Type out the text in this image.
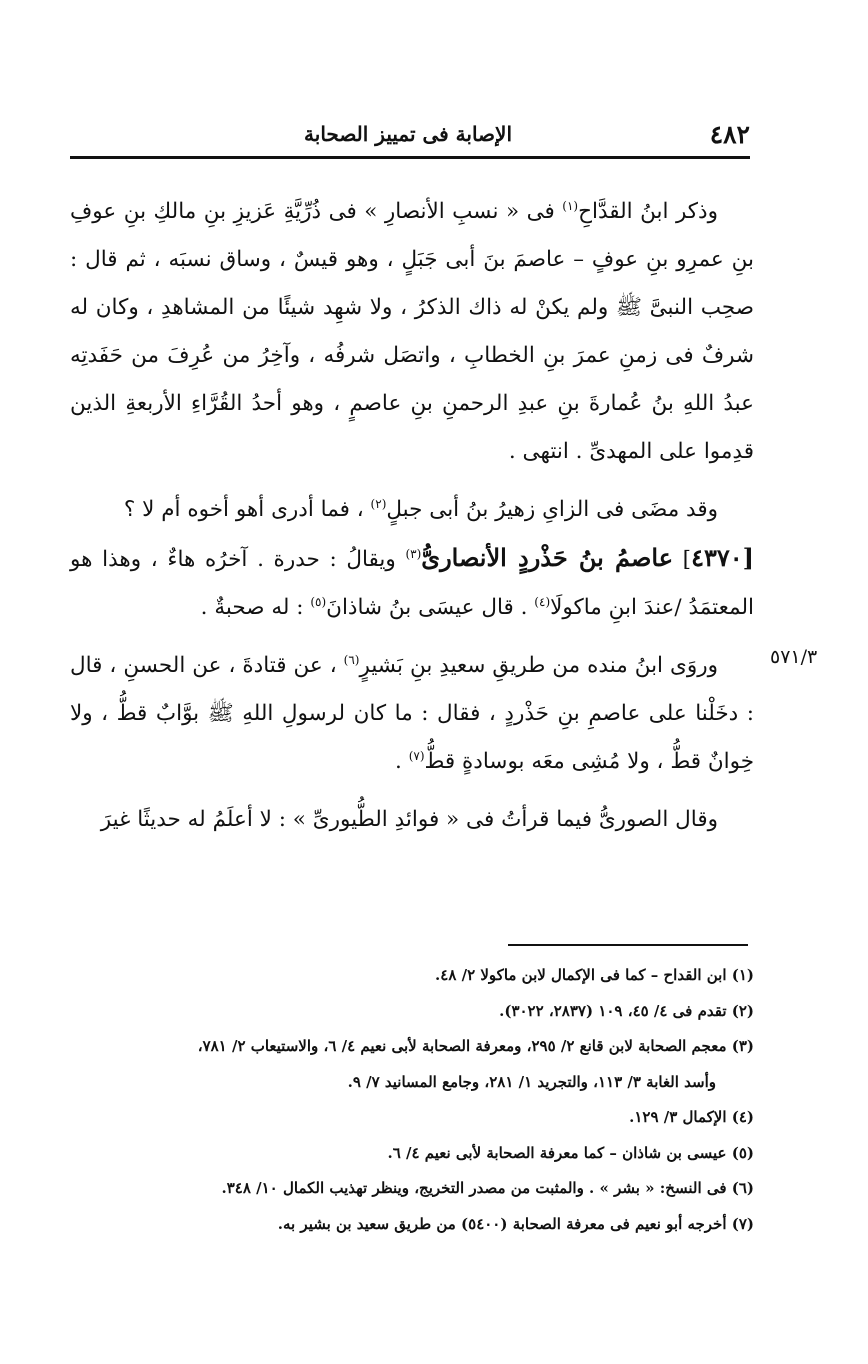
٤٨٢
الإصابة فى تمييز الصحابة

وذكر ابنُ القدَّاحِ$^{(١)}$ فى « نسبِ الأنصارِ » فى ذُرِّيَّةِ عَزيزِ بنِ مالكِ بنِ عوفِ بنِ عمرِو بنِ عوفٍ – عاصمَ بنَ أبى جَبَلٍ ، وهو قيسٌ ، وساق نسبَه ، ثم قال : صحِب النبىَّ ﷺ ولم يكنْ له ذاك الذكرُ ، ولا شهِد شيئًا من المشاهدِ ، وكان له شرفٌ فى زمنِ عمرَ بنِ الخطابِ ، واتصَل شرفُه ، وآخِرُ من عُرِفَ من حَفَدتِه عبدُ اللهِ بنُ عُمارةَ بنِ عبدِ الرحمنِ بنِ عاصمٍ ، وهو أحدُ القُرَّاءِ الأربعةِ الذين قدِموا على المهدىِّ . انتهى .

وقد مضَى فى الزاىِ زهيرُ بنُ أبى جبلٍ$^{(٢)}$ ، فما أدرى أهو أخوه أم لا ؟

[٤٣٧٠] عاصمُ بنُ حَذْردٍ الأنصارىُّ$^{(٣)}$ ويقالُ : حدرة . آخرُه هاءٌ ، وهذا هو المعتمَدُ /عندَ ابنِ ماكولَا$^{(٤)}$ . قال عيسَى بنُ شاذانَ$^{(٥)}$ : له صحبةٌ .

وروَى ابنُ منده من طريقِ سعيدِ بنِ بَشيرٍ$^{(٦)}$ ، عن قتادةَ ، عن الحسنِ ، قال : دخَلْنا على عاصمِ بنِ حَذْردٍ ، فقال : ما كان لرسولِ اللهِ ﷺ بوَّابٌ قطُّ ، ولا خِوانٌ قطُّ ، ولا مُشِى معَه بوسادةٍ قطُّ$^{(٧)}$ .

وقال الصورىُّ فيما قرأتُ فى « فوائدِ الطُّيورىِّ » : لا أعلَمُ له حديثًا غيرَ

٥٧١/٣
(١) ابن القداح – كما فى الإكمال لابن ماكولا ٢/ ٤٨.
(٢) تقدم فى ٤/ ٤٥، ١٠٩ (٢٨٣٧، ٣٠٢٢).
(٣) معجم الصحابة لابن قانع ٢/ ٢٩٥، ومعرفة الصحابة لأبى نعيم ٤/ ٦، والاستيعاب ٢/ ٧٨١،
وأسد الغابة ٣/ ١١٣، والتجريد ١/ ٢٨١، وجامع المسانيد ٧/ ٩.
(٤) الإكمال ٣/ ١٢٩.
(٥) عيسى بن شاذان – كما معرفة الصحابة لأبى نعيم ٤/ ٦.
(٦) فى النسخ: « بشر » . والمثبت من مصدر التخريج، وينظر تهذيب الكمال ١٠/ ٣٤٨.
(٧) أخرجه أبو نعيم فى معرفة الصحابة (٥٤٠٠) من طريق سعيد بن بشير به.
